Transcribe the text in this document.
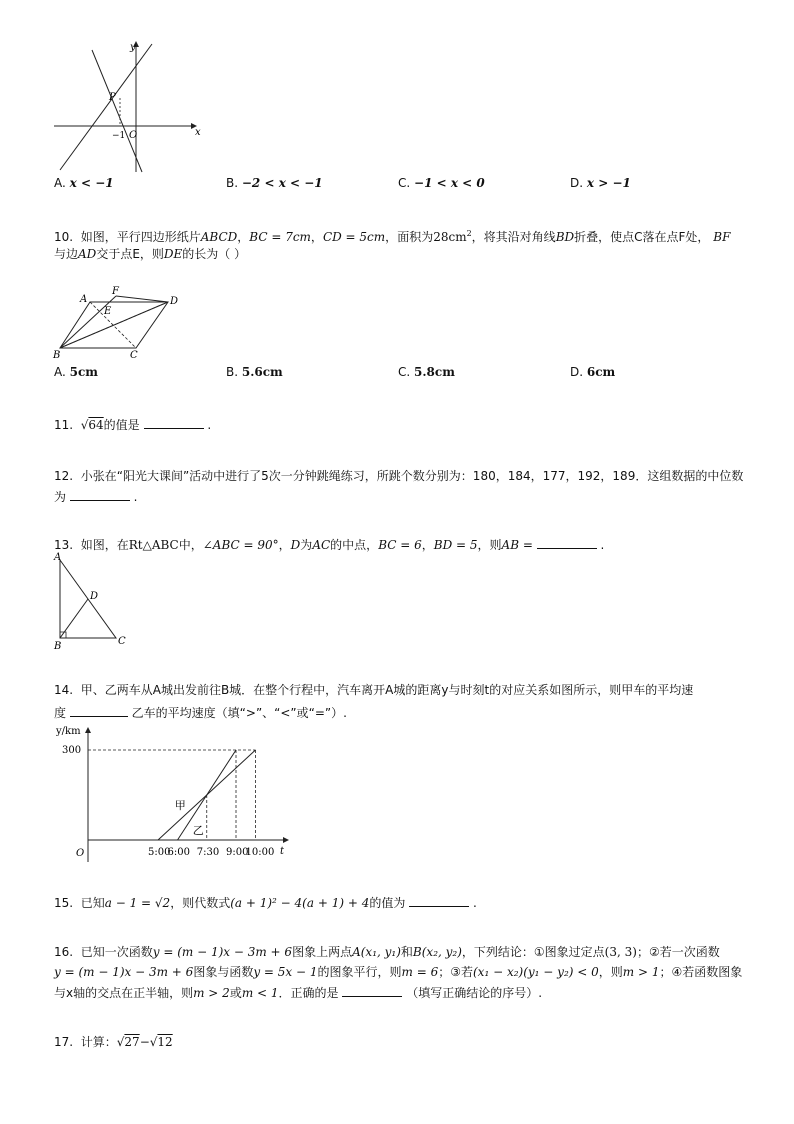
y
x
P
O
−1
A. x < −1	B. −2 < x < −1	C. −1 < x < 0	D. x > −1
10. 如图，平行四边形纸片ABCD，BC = 7cm，CD = 5cm，面积为$28cm^2$，将其沿对角线BD折叠，使点C落在点F处， BF
与边AD交于点E，则DE的长为（ ）
A
F
D
E
B	C
A. 5cm	B. 5.6cm	C. 5.8cm	D. 6cm
11. √64的值是	.
12. 小张在“阳光大课间”活动中进行了5次一分钟跳绳练习，所跳个数分别为：180，184，177，192，189．这组数据的中位数
为	.
13. 如图，在Rt△ABC中，∠ABC = 90°，D为AC的中点，BC = 6，BD = 5，则AB =	.
A
D
B	C
14. 甲、乙两车从A城出发前往B城．在整个行程中，汽车离开A城的距离y与时刻t的对应关系如图所示，则甲车的平均速
度	乙车的平均速度（填“>”、“<”或“=”）.
y/km
t
O
300
5:00
6:00 7:30 9:00
10:00
甲
乙
15. 已知a − 1 = √2，则代数式(a + 1)² − 4(a + 1) + 4的值为	.
16. 已知一次函数y = (m − 1)x − 3m + 6图象上两点A(x₁, y₁)和B(x₂, y₂)，下列结论：①图象过定点(3, 3)；②若一次函数
y = (m − 1)x − 3m + 6图象与函数y = 5x − 1的图象平行，则m = 6；③若(x₁ − x₂)(y₁ − y₂) < 0，则m > 1；④若函数图象
与x轴的交点在正半轴，则m > 2或m < 1．正确的是	（填写正确结论的序号）.
17. 计算：√27−√12
